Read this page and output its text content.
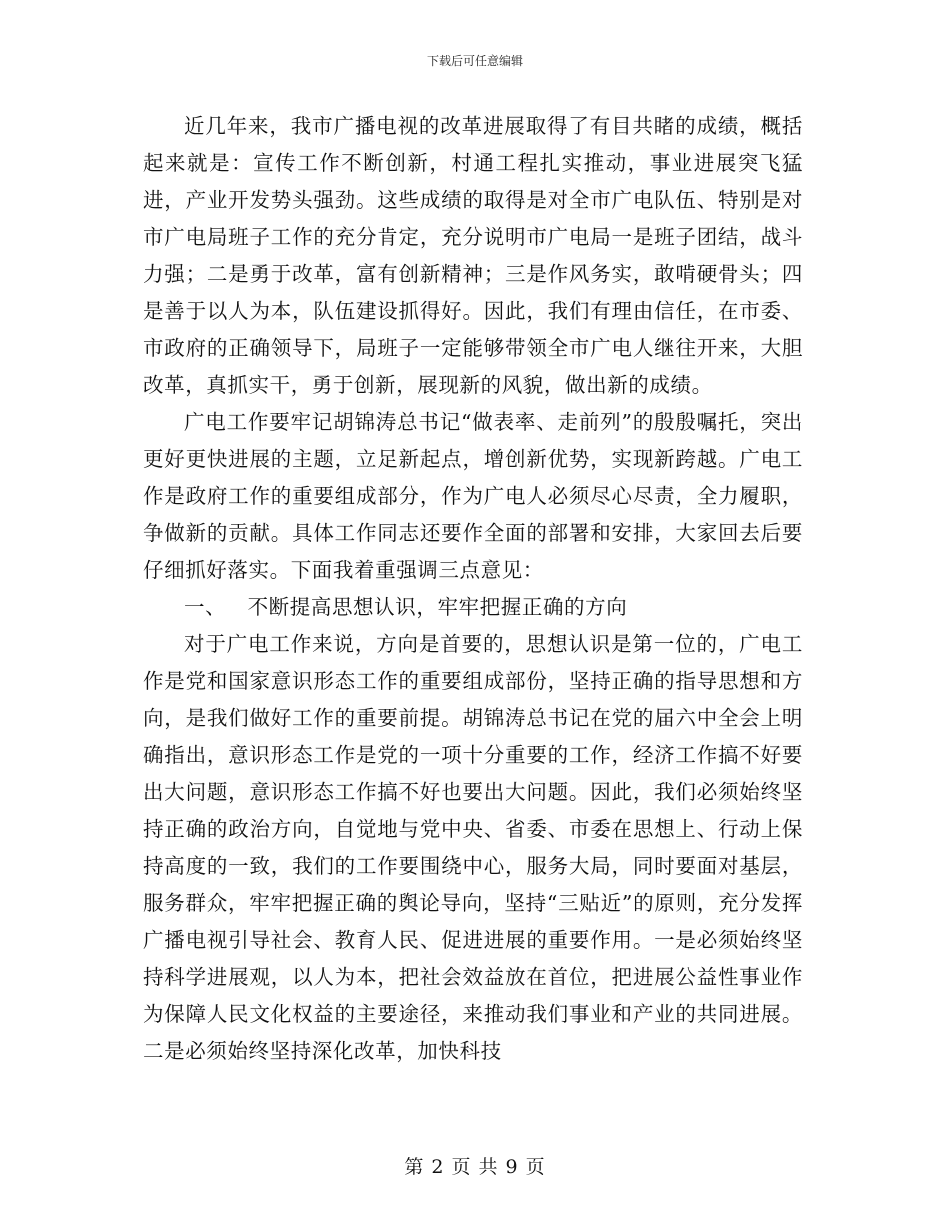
下载后可任意编辑

近几年来，我市广播电视的改革进展取得了有目共睹的成绩，概括起来就是：宣传工作不断创新，村通工程扎实推动，事业进展突飞猛进，产业开发势头强劲。这些成绩的取得是对全市广电队伍、特别是对市广电局班子工作的充分肯定，充分说明市广电局一是班子团结，战斗力强；二是勇于改革，富有创新精神；三是作风务实，敢啃硬骨头；四是善于以人为本，队伍建设抓得好。因此，我们有理由信任，在市委、市政府的正确领导下，局班子一定能够带领全市广电人继往开来，大胆改革，真抓实干，勇于创新，展现新的风貌，做出新的成绩。

广电工作要牢记胡锦涛总书记“做表率、走前列”的殷殷嘱托，突出更好更快进展的主题，立足新起点，增创新优势，实现新跨越。广电工作是政府工作的重要组成部分，作为广电人必须尽心尽责，全力履职，争做新的贡献。具体工作同志还要作全面的部署和安排，大家回去后要仔细抓好落实。下面我着重强调三点意见：

一、 不断提高思想认识，牢牢把握正确的方向

对于广电工作来说，方向是首要的，思想认识是第一位的，广电工作是党和国家意识形态工作的重要组成部份，坚持正确的指导思想和方向，是我们做好工作的重要前提。胡锦涛总书记在党的届六中全会上明确指出，意识形态工作是党的一项十分重要的工作，经济工作搞不好要出大问题，意识形态工作搞不好也要出大问题。因此，我们必须始终坚持正确的政治方向，自觉地与党中央、省委、市委在思想上、行动上保持高度的一致，我们的工作要围绕中心，服务大局，同时要面对基层，服务群众，牢牢把握正确的舆论导向，坚持“三贴近”的原则，充分发挥广播电视引导社会、教育人民、促进进展的重要作用。一是必须始终坚持科学进展观，以人为本，把社会效益放在首位，把进展公益性事业作为保障人民文化权益的主要途径，来推动我们事业和产业的共同进展。二是必须始终坚持深化改革，加快科技

第 2 页 共 9 页
